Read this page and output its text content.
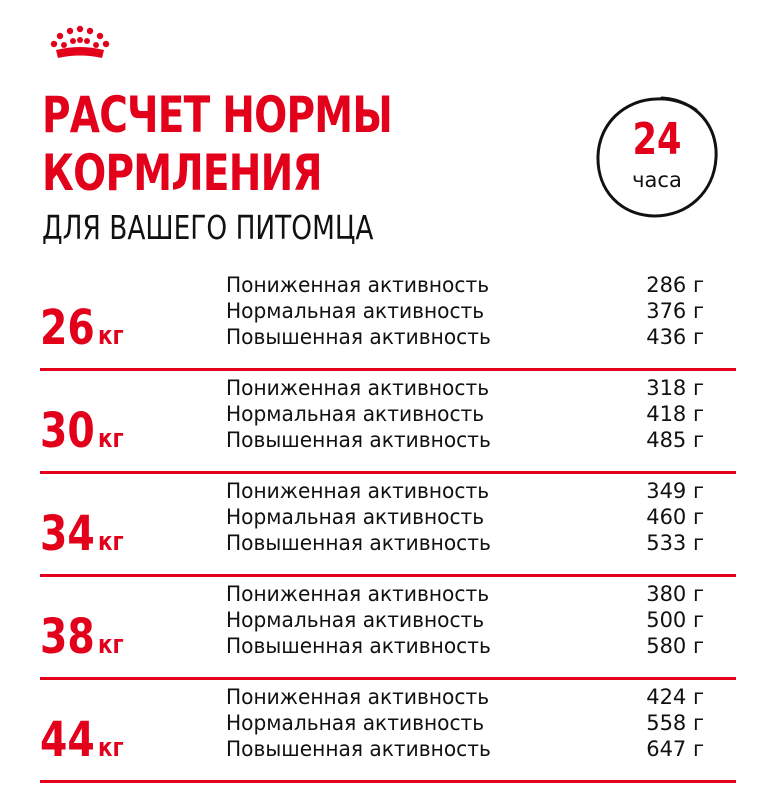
РАСЧЕТ НОРМЫ
КОРМЛЕНИЯ
ДЛЯ ВАШЕГО ПИТОМЦА
24
часа
26 кг
Пониженная активность	286 г
Нормальная активность	376 г
Повышенная активность	436 г
30 кг
Пониженная активность	318 г
Нормальная активность	418 г
Повышенная активность	485 г
34 кг
Пониженная активность	349 г
Нормальная активность	460 г
Повышенная активность	533 г
38 кг
Пониженная активность	380 г
Нормальная активность	500 г
Повышенная активность	580 г
44 кг
Пониженная активность	424 г
Нормальная активность	558 г
Повышенная активность	647 г
